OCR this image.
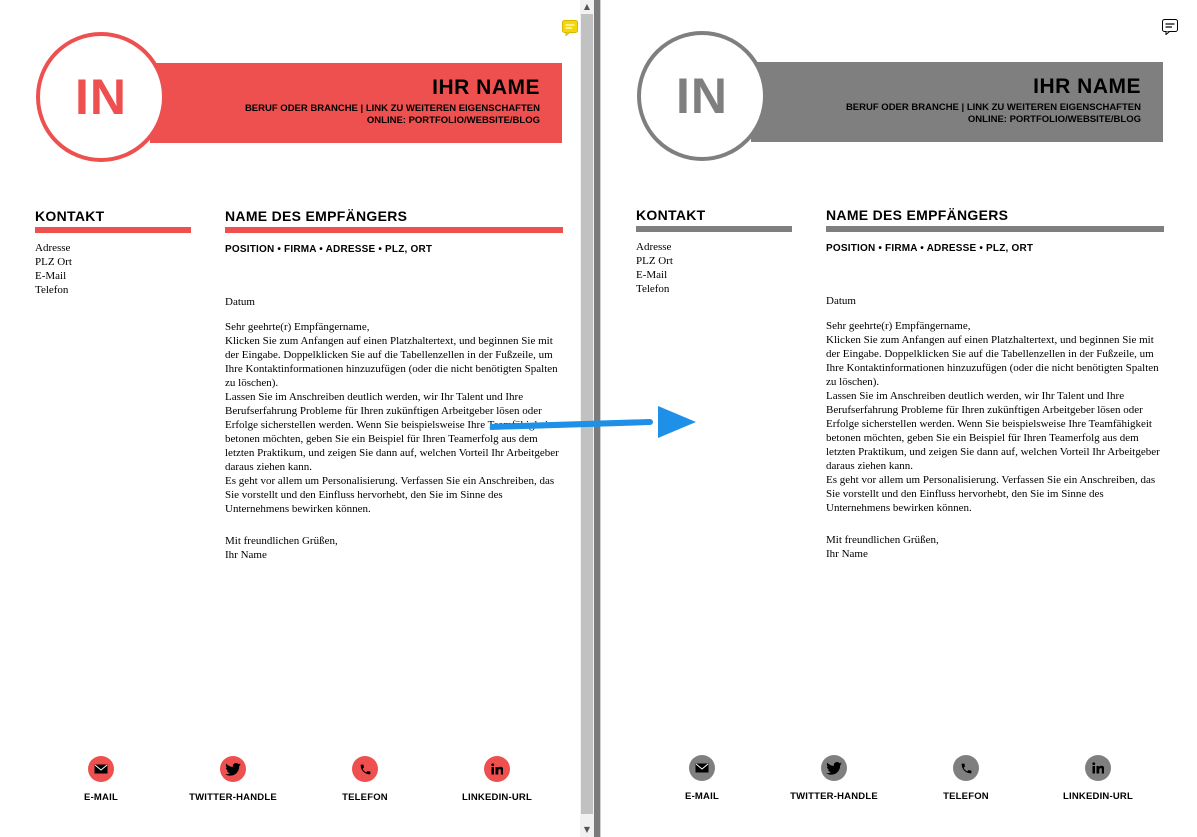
IN	IHR NAME
BERUF ODER BRANCHE | LINK ZU WEITEREN EIGENSCHAFTEN
ONLINE: PORTFOLIO/WEBSITE/BLOG
KONTAKT
Adresse
PLZ Ort
E-Mail
Telefon
NAME DES EMPFÄNGERS
POSITION • FIRMA • ADRESSE • PLZ, ORT
Datum

Sehr geehrte(r) Empfängername,

Klicken Sie zum Anfangen auf einen Platzhaltertext, und beginnen Sie mit der Eingabe. Doppelklicken Sie auf die Tabellenzellen in der Fußzeile, um Ihre Kontaktinformationen hinzuzufügen (oder die nicht benötigten Spalten zu löschen).

Lassen Sie im Anschreiben deutlich werden, wir Ihr Talent und Ihre Berufserfahrung Probleme für Ihren zukünftigen Arbeitgeber lösen oder Erfolge sicherstellen werden. Wenn Sie beispielsweise Ihre Teamfähigkeit betonen möchten, geben Sie ein Beispiel für Ihren Teamerfolg aus dem letzten Praktikum, und zeigen Sie dann auf, welchen Vorteil Ihr Arbeitgeber daraus ziehen kann.

Es geht vor allem um Personalisierung. Verfassen Sie ein Anschreiben, das Sie vorstellt und den Einfluss hervorhebt, den Sie im Sinne des Unternehmens bewirken können.

Mit freundlichen Grüßen,
Ihr Name
E-MAIL	TWITTER-HANDLE	TELEFON	LINKEDIN-URL
▲
▼
IN	IHR NAME
BERUF ODER BRANCHE | LINK ZU WEITEREN EIGENSCHAFTEN
ONLINE: PORTFOLIO/WEBSITE/BLOG
KONTAKT
Adresse
PLZ Ort
E-Mail
Telefon
NAME DES EMPFÄNGERS
POSITION • FIRMA • ADRESSE • PLZ, ORT
Datum

Sehr geehrte(r) Empfängername,

Klicken Sie zum Anfangen auf einen Platzhaltertext, und beginnen Sie mit der Eingabe. Doppelklicken Sie auf die Tabellenzellen in der Fußzeile, um Ihre Kontaktinformationen hinzuzufügen (oder die nicht benötigten Spalten zu löschen).

Lassen Sie im Anschreiben deutlich werden, wir Ihr Talent und Ihre Berufserfahrung Probleme für Ihren zukünftigen Arbeitgeber lösen oder Erfolge sicherstellen werden. Wenn Sie beispielsweise Ihre Teamfähigkeit betonen möchten, geben Sie ein Beispiel für Ihren Teamerfolg aus dem letzten Praktikum, und zeigen Sie dann auf, welchen Vorteil Ihr Arbeitgeber daraus ziehen kann.

Es geht vor allem um Personalisierung. Verfassen Sie ein Anschreiben, das Sie vorstellt und den Einfluss hervorhebt, den Sie im Sinne des Unternehmens bewirken können.

Mit freundlichen Grüßen,
Ihr Name
E-MAIL	TWITTER-HANDLE	TELEFON	LINKEDIN-URL
